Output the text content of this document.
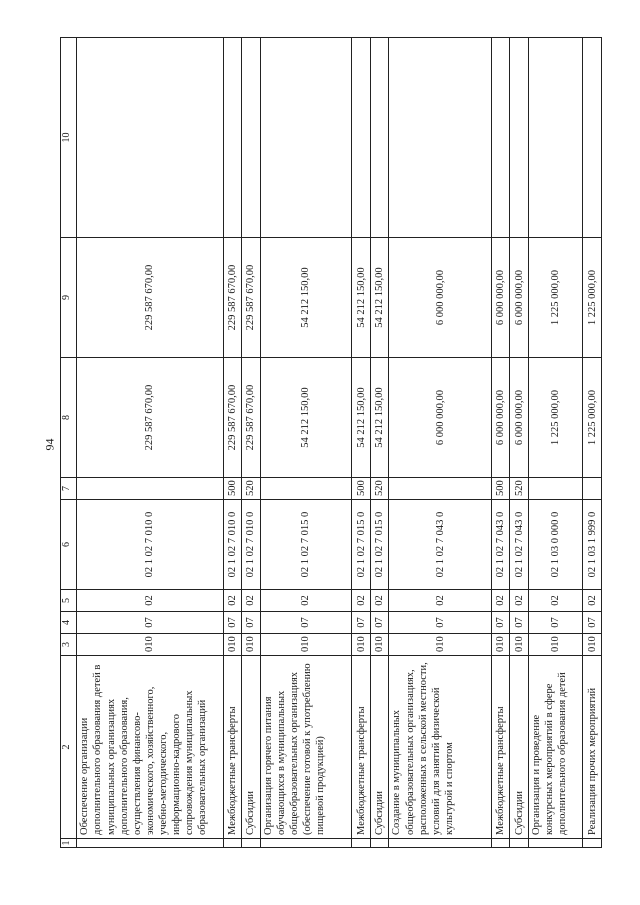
94
1	2	3	4	5	6	7	8	9	10
	Обеспечение организации дополнительного образования детей в муниципальных организациях дополнительного образования, осуществления финансово-экономического, хозяйственного, учебно-методического, информационно-кадрового сопровождения муниципальных образовательных организаций	010	07	02	02 1 02 7 010 0		229 587 670,00	229 587 670,00	
	Межбюджетные трансферты	010	07	02	02 1 02 7 010 0	500	229 587 670,00	229 587 670,00	
	Субсидии	010	07	02	02 1 02 7 010 0	520	229 587 670,00	229 587 670,00	
	Организация горячего питания обучающихся в муниципальных общеобразовательных организациях (обеспечение готовой к употреблению пищевой продукцией)	010	07	02	02 1 02 7 015 0		54 212 150,00	54 212 150,00	
	Межбюджетные трансферты	010	07	02	02 1 02 7 015 0	500	54 212 150,00	54 212 150,00	
	Субсидии	010	07	02	02 1 02 7 015 0	520	54 212 150,00	54 212 150,00	
	Создание в муниципальных общеобразовательных организациях, расположенных в сельской местности, условий для занятий физической культурой и спортом	010	07	02	02 1 02 7 043 0		6 000 000,00	6 000 000,00	
	Межбюджетные трансферты	010	07	02	02 1 02 7 043 0	500	6 000 000,00	6 000 000,00	
	Субсидии	010	07	02	02 1 02 7 043 0	520	6 000 000,00	6 000 000,00	
	Организация и проведение конкурсных мероприятий в сфере дополнительного образования детей	010	07	02	02 1 03 0 000 0		1 225 000,00	1 225 000,00	
	Реализация прочих мероприятий	010	07	02	02 1 03 1 999 0		1 225 000,00	1 225 000,00	
